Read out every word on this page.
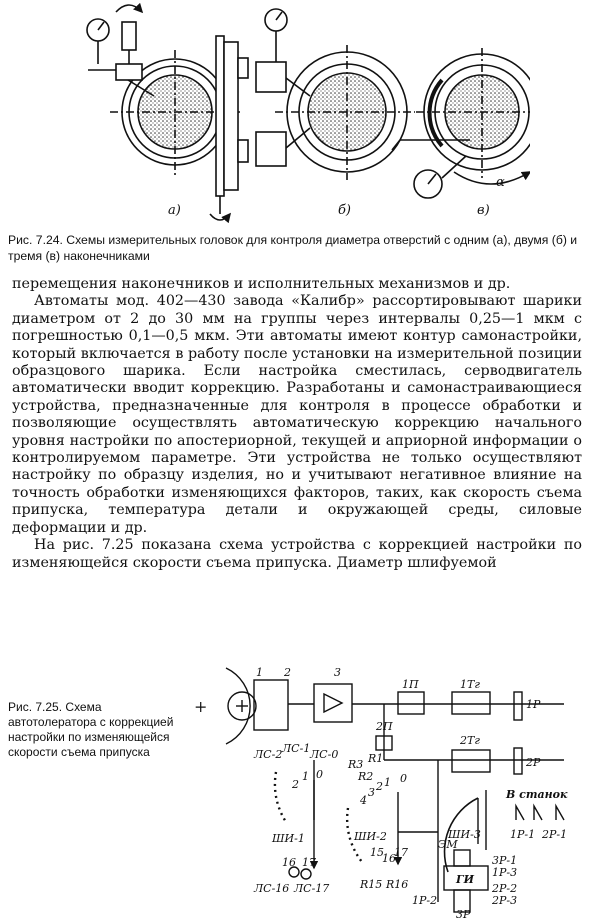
а)	б)
α
в)
Рис. 7.24. Схемы измерительных головок для контроля диаметра отверстий с одним (а), двумя (б) и тремя (в) наконечниками

перемещения наконечников и исполнительных механизмов и др.

Автоматы мод. 402—430 завода «Калибр» рассортировывают шарики диаметром от 2 до 30 мм на группы через интервалы 0,25—1 мкм с погрешностью 0,1—0,5 мкм. Эти автоматы имеют контур самонастройки, который включается в работу после установки на измерительной позиции образцового шарика. Если настройка сместилась, серводвигатель автоматически вводит коррекцию. Разработаны и самонастраивающиеся устройства, предназначенные для контроля в процессе обработки и позволяющие осуществлять автоматическую коррекцию начального уровня настройки по апостериорной, текущей и априорной информации о контролируемом параметре. Эти устройства не только осуществляют настройку по образцу изделия, но и учитывают негативное влияние на точность обработки изменяющихся факторов, таких, как скорость съема припуска, температура детали и окружающей среды, силовые деформации и др.

На рис. 7.25 показана схема устройства с коррекцией настройки по изменяющейся скорости съема припуска. Диаметр шлифуемой

+
1 2	3
1П	1Тг
1Р
2П
2Тг
2Р
ЛС-2 ЛС-1 ЛС-0
2
1 0
ШИ-1
16 17
ЛС-16 ЛС-17
R3
R2
R1
4
3 2 1 0
ШИ-2
15
16
17
R15 R16
В станок
ШИ-3	1Р-1 2Р-1
ЭМ
3Р-1
1Р-3
ГИ
2Р-2
2Р-3
1Р-2
3Р
Рис. 7.25. Схема автотолератора с коррекцией настройки по изменяющейся скорости съема припуска
